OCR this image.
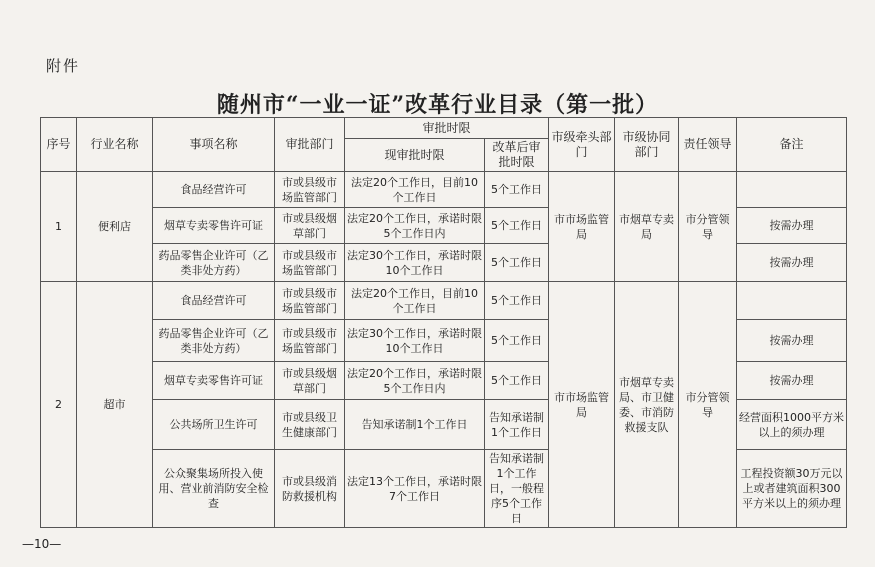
附件
随州市“一业一证”改革行业目录（第一批）
序号	行业名称	事项名称	审批部门	审批时限		市级牵头部门	市级协同部门	责任领导	备注
				现审批时限	改革后审批时限				
1	便利店	食品经营许可	市或县级市场监管部门	法定20个工作日，目前10个工作日	5个工作日	市市场监管局	市烟草专卖局	市分管领导	
		烟草专卖零售许可证	市或县级烟草部门	法定20个工作日，承诺时限5个工作日内	5个工作日				按需办理
		药品零售企业许可（乙类非处方药）	市或县级市场监管部门	法定30个工作日，承诺时限10个工作日	5个工作日				按需办理
2	超市	食品经营许可	市或县级市场监管部门	法定20个工作日，目前10个工作日	5个工作日	市市场监管局	市烟草专卖局、市卫健委、市消防救援支队	市分管领导	
		药品零售企业许可（乙类非处方药）	市或县级市场监管部门	法定30个工作日，承诺时限10个工作日	5个工作日				按需办理
		烟草专卖零售许可证	市或县级烟草部门	法定20个工作日，承诺时限5个工作日内	5个工作日				按需办理
		公共场所卫生许可	市或县级卫生健康部门	告知承诺制1个工作日	告知承诺制1个工作日				经营面积1000平方米以上的须办理
		公众聚集场所投入使用、营业前消防安全检查	市或县级消防救援机构	法定13个工作日，承诺时限7个工作日	告知承诺制1个工作日，一般程序5个工作日				工程投资额30万元以上或者建筑面积300平方米以上的须办理
—10—
